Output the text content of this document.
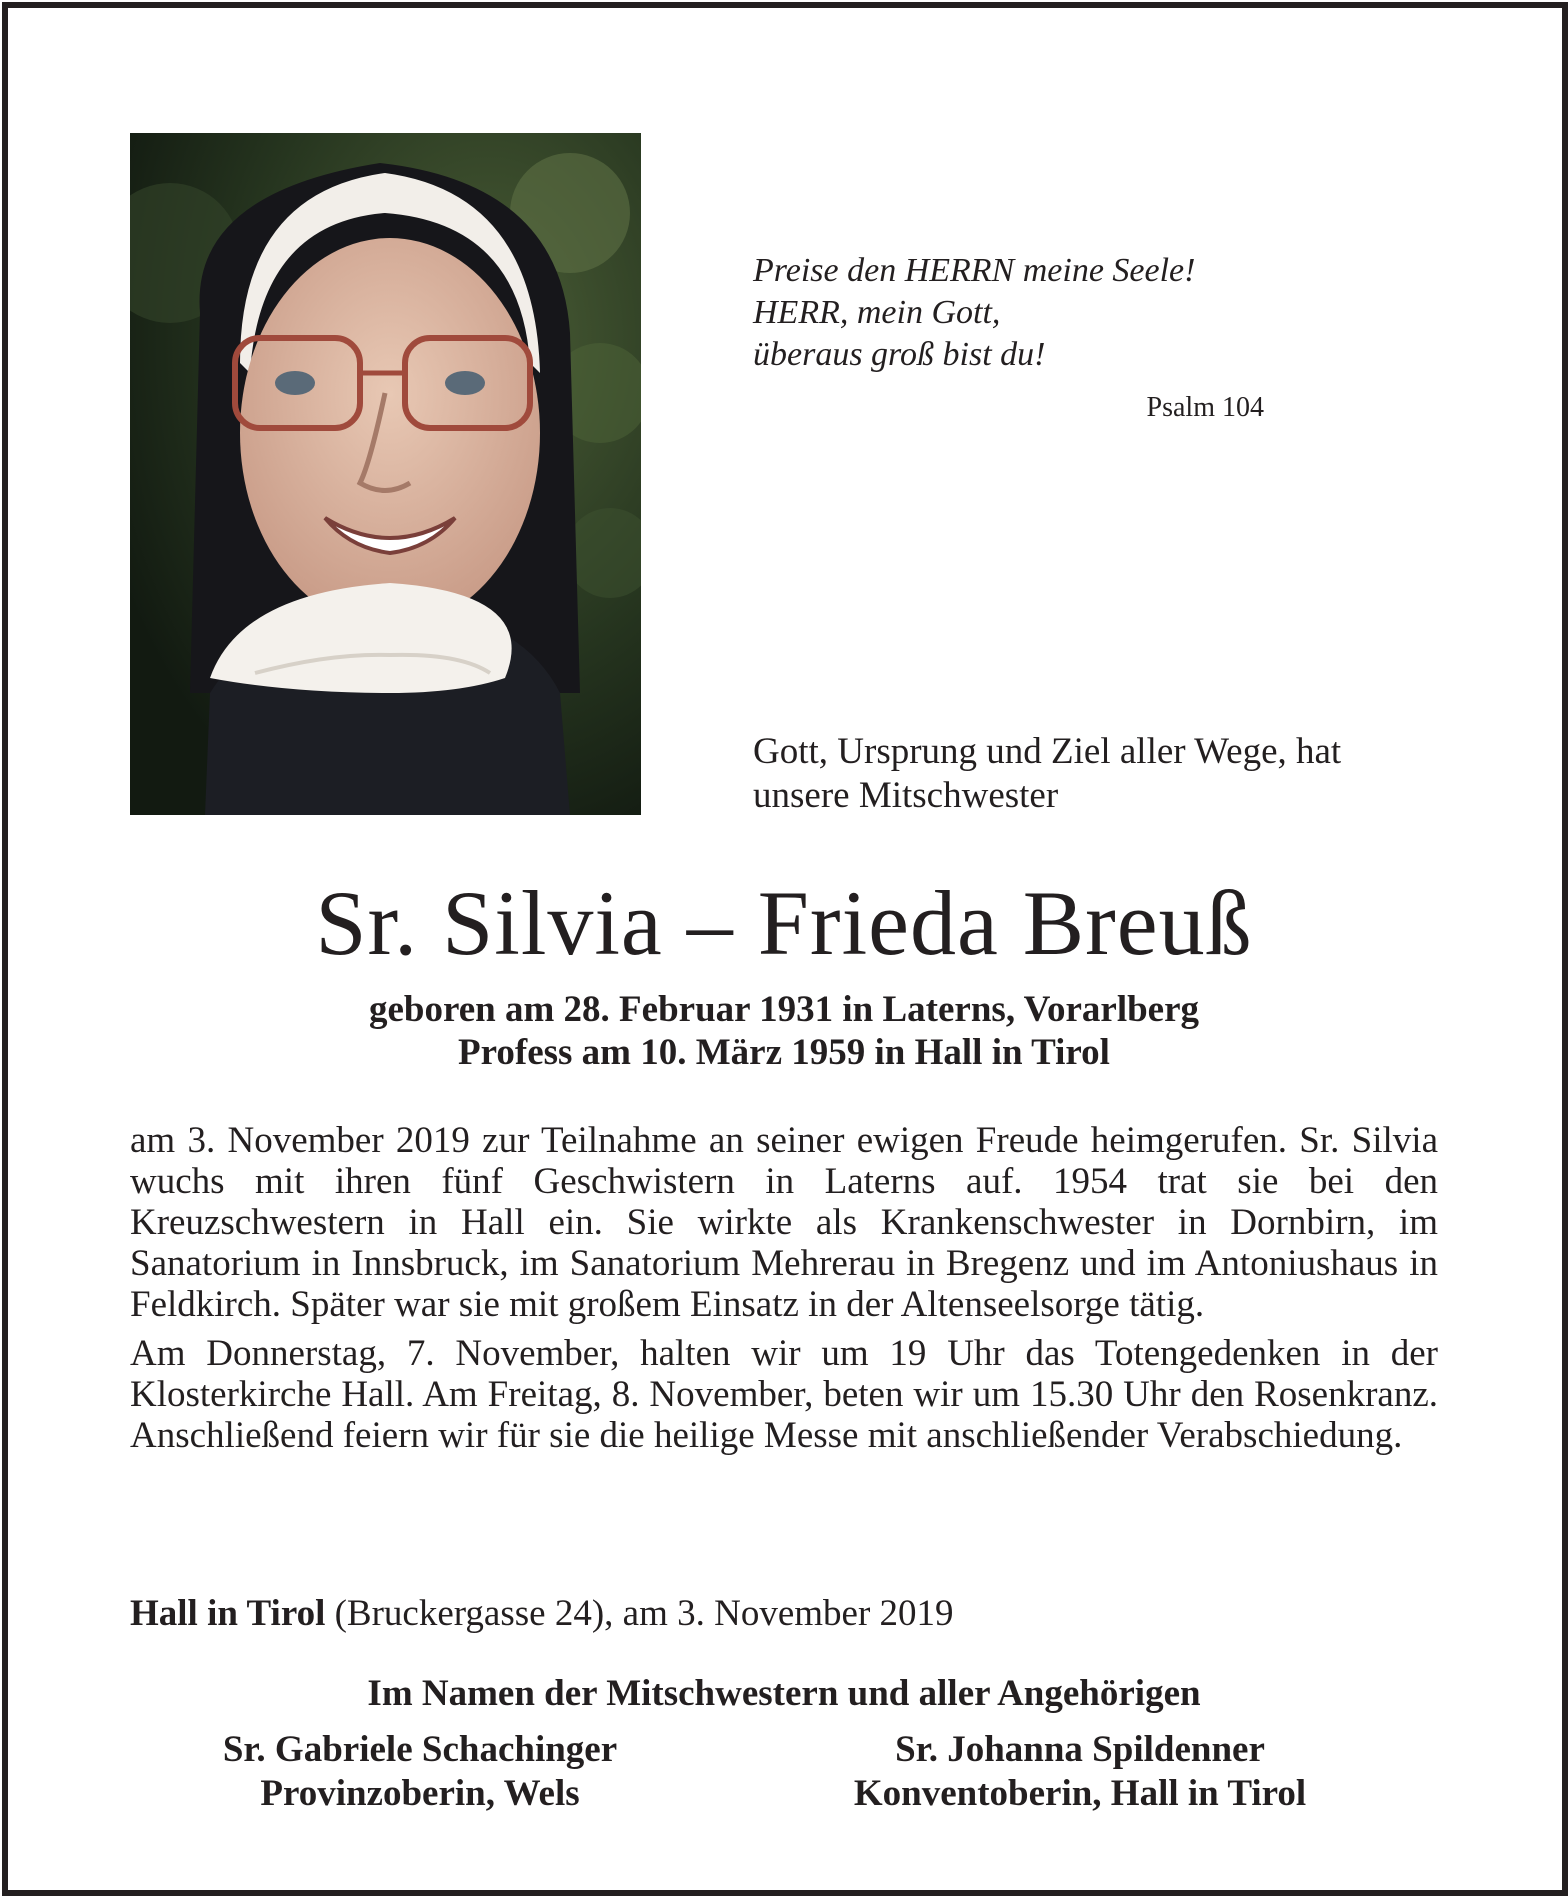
Preise den HERRN meine Seele!
HERR, mein Gott,
überaus groß bist du!
Psalm 104
Gott, Ursprung und Ziel aller Wege, hat
unsere Mitschwester
Sr. Silvia – Frieda Breuß
geboren am 28. Februar 1931 in Laterns, Vorarlberg
Profess am 10. März 1959 in Hall in Tirol

am 3. November 2019 zur Teilnahme an seiner ewigen Freude heimgerufen. Sr. Silvia wuchs mit ihren fünf Geschwistern in Laterns auf. 1954 trat sie bei den Kreuzschwestern in Hall ein. Sie wirkte als Krankenschwester in Dornbirn, im Sanatorium in Innsbruck, im Sanatorium Mehrerau in Bregenz und im Antoniushaus in Feldkirch. Später war sie mit großem Einsatz in der Altenseelsorge tätig.

Am Donnerstag, 7. November, halten wir um 19 Uhr das Totengedenken in der Klosterkirche Hall. Am Freitag, 8. November, beten wir um 15.30 Uhr den Rosenkranz. Anschließend feiern wir für sie die heilige Messe mit anschließender Verabschiedung.

Hall in Tirol (Bruckergasse 24), am 3. November 2019
Im Namen der Mitschwestern und aller Angehörigen
Sr. Gabriele Schachinger
Provinzoberin, Wels
Sr. Johanna Spildenner
Konventoberin, Hall in Tirol
